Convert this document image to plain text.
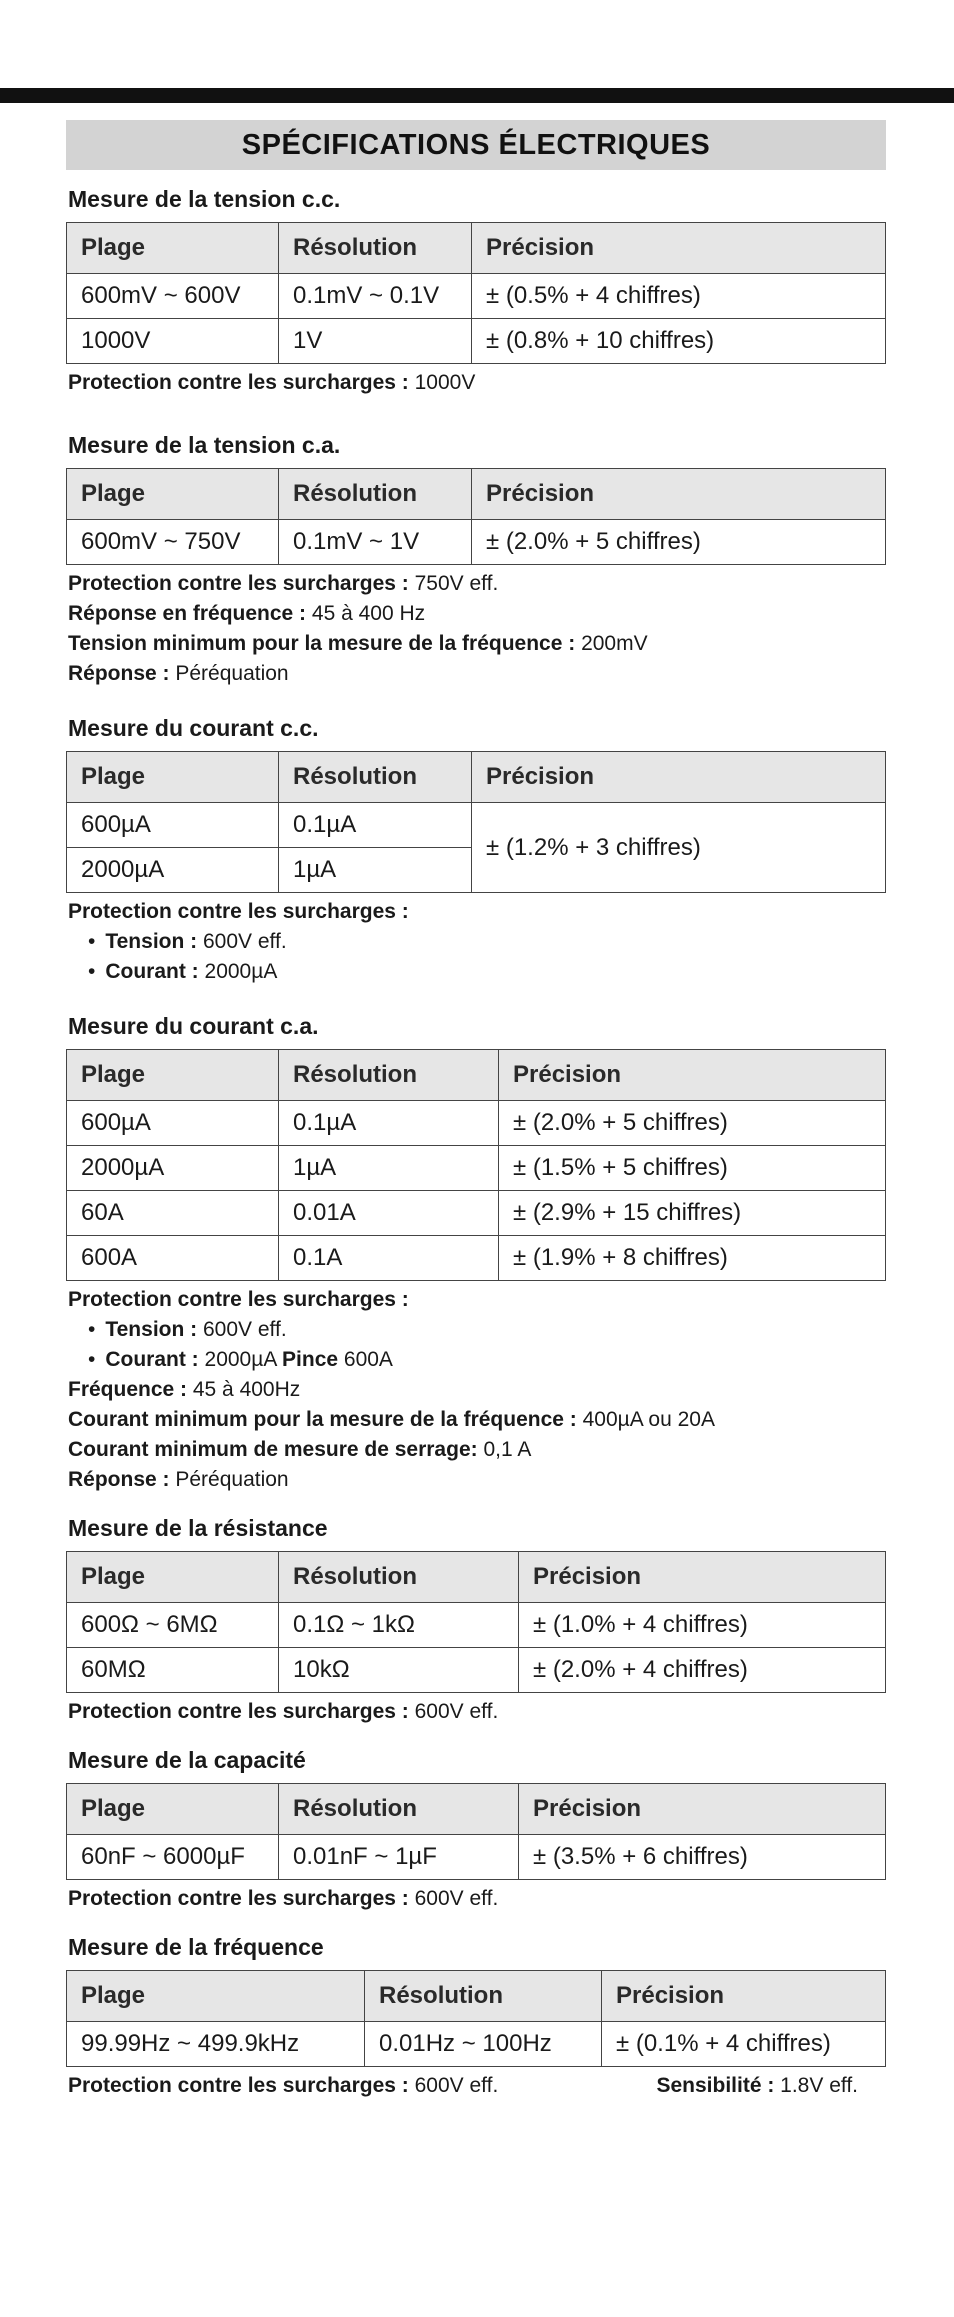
SPÉCIFICATIONS ÉLECTRIQUES
Mesure de la tension c.c.
Plage	Résolution	Précision
600mV ~ 600V	0.1mV ~ 0.1V	± (0.5% + 4 chiffres)
1000V	1V	± (0.8% + 10 chiffres)
Protection contre les surcharges : 1000V
Mesure de la tension c.a.
Plage	Résolution	Précision
600mV ~ 750V	0.1mV ~ 1V	± (2.0% + 5 chiffres)
Protection contre les surcharges : 750V eff.
Réponse en fréquence : 45 à 400 Hz
Tension minimum pour la mesure de la fréquence : 200mV
Réponse : Péréquation
Mesure du courant c.c.
Plage	Résolution	Précision
600µA	0.1µA	± (1.2% + 3 chiffres)
2000µA	1µA	
Protection contre les surcharges :
• Tension : 600V eff.
• Courant : 2000µA
Mesure du courant c.a.
Plage	Résolution	Précision
600µA	0.1µA	± (2.0% + 5 chiffres)
2000µA	1µA	± (1.5% + 5 chiffres)
60A	0.01A	± (2.9% + 15 chiffres)
600A	0.1A	± (1.9% + 8 chiffres)
Protection contre les surcharges :
• Tension : 600V eff.
• Courant : 2000µA Pince 600A
Fréquence : 45 à 400Hz
Courant minimum pour la mesure de la fréquence : 400µA ou 20A
Courant minimum de mesure de serrage: 0,1 A
Réponse : Péréquation
Mesure de la résistance
Plage	Résolution	Précision
600Ω ~ 6MΩ	0.1Ω ~ 1kΩ	± (1.0% + 4 chiffres)
60MΩ	10kΩ	± (2.0% + 4 chiffres)
Protection contre les surcharges : 600V eff.
Mesure de la capacité
Plage	Résolution	Précision
60nF ~ 6000µF	0.01nF ~ 1µF	± (3.5% + 6 chiffres)
Protection contre les surcharges : 600V eff.
Mesure de la fréquence
Plage	Résolution	Précision
99.99Hz ~ 499.9kHz	0.01Hz ~ 100Hz	± (0.1% + 4 chiffres)
Protection contre les surcharges : 600V eff.	Sensibilité : 1.8V eff.
